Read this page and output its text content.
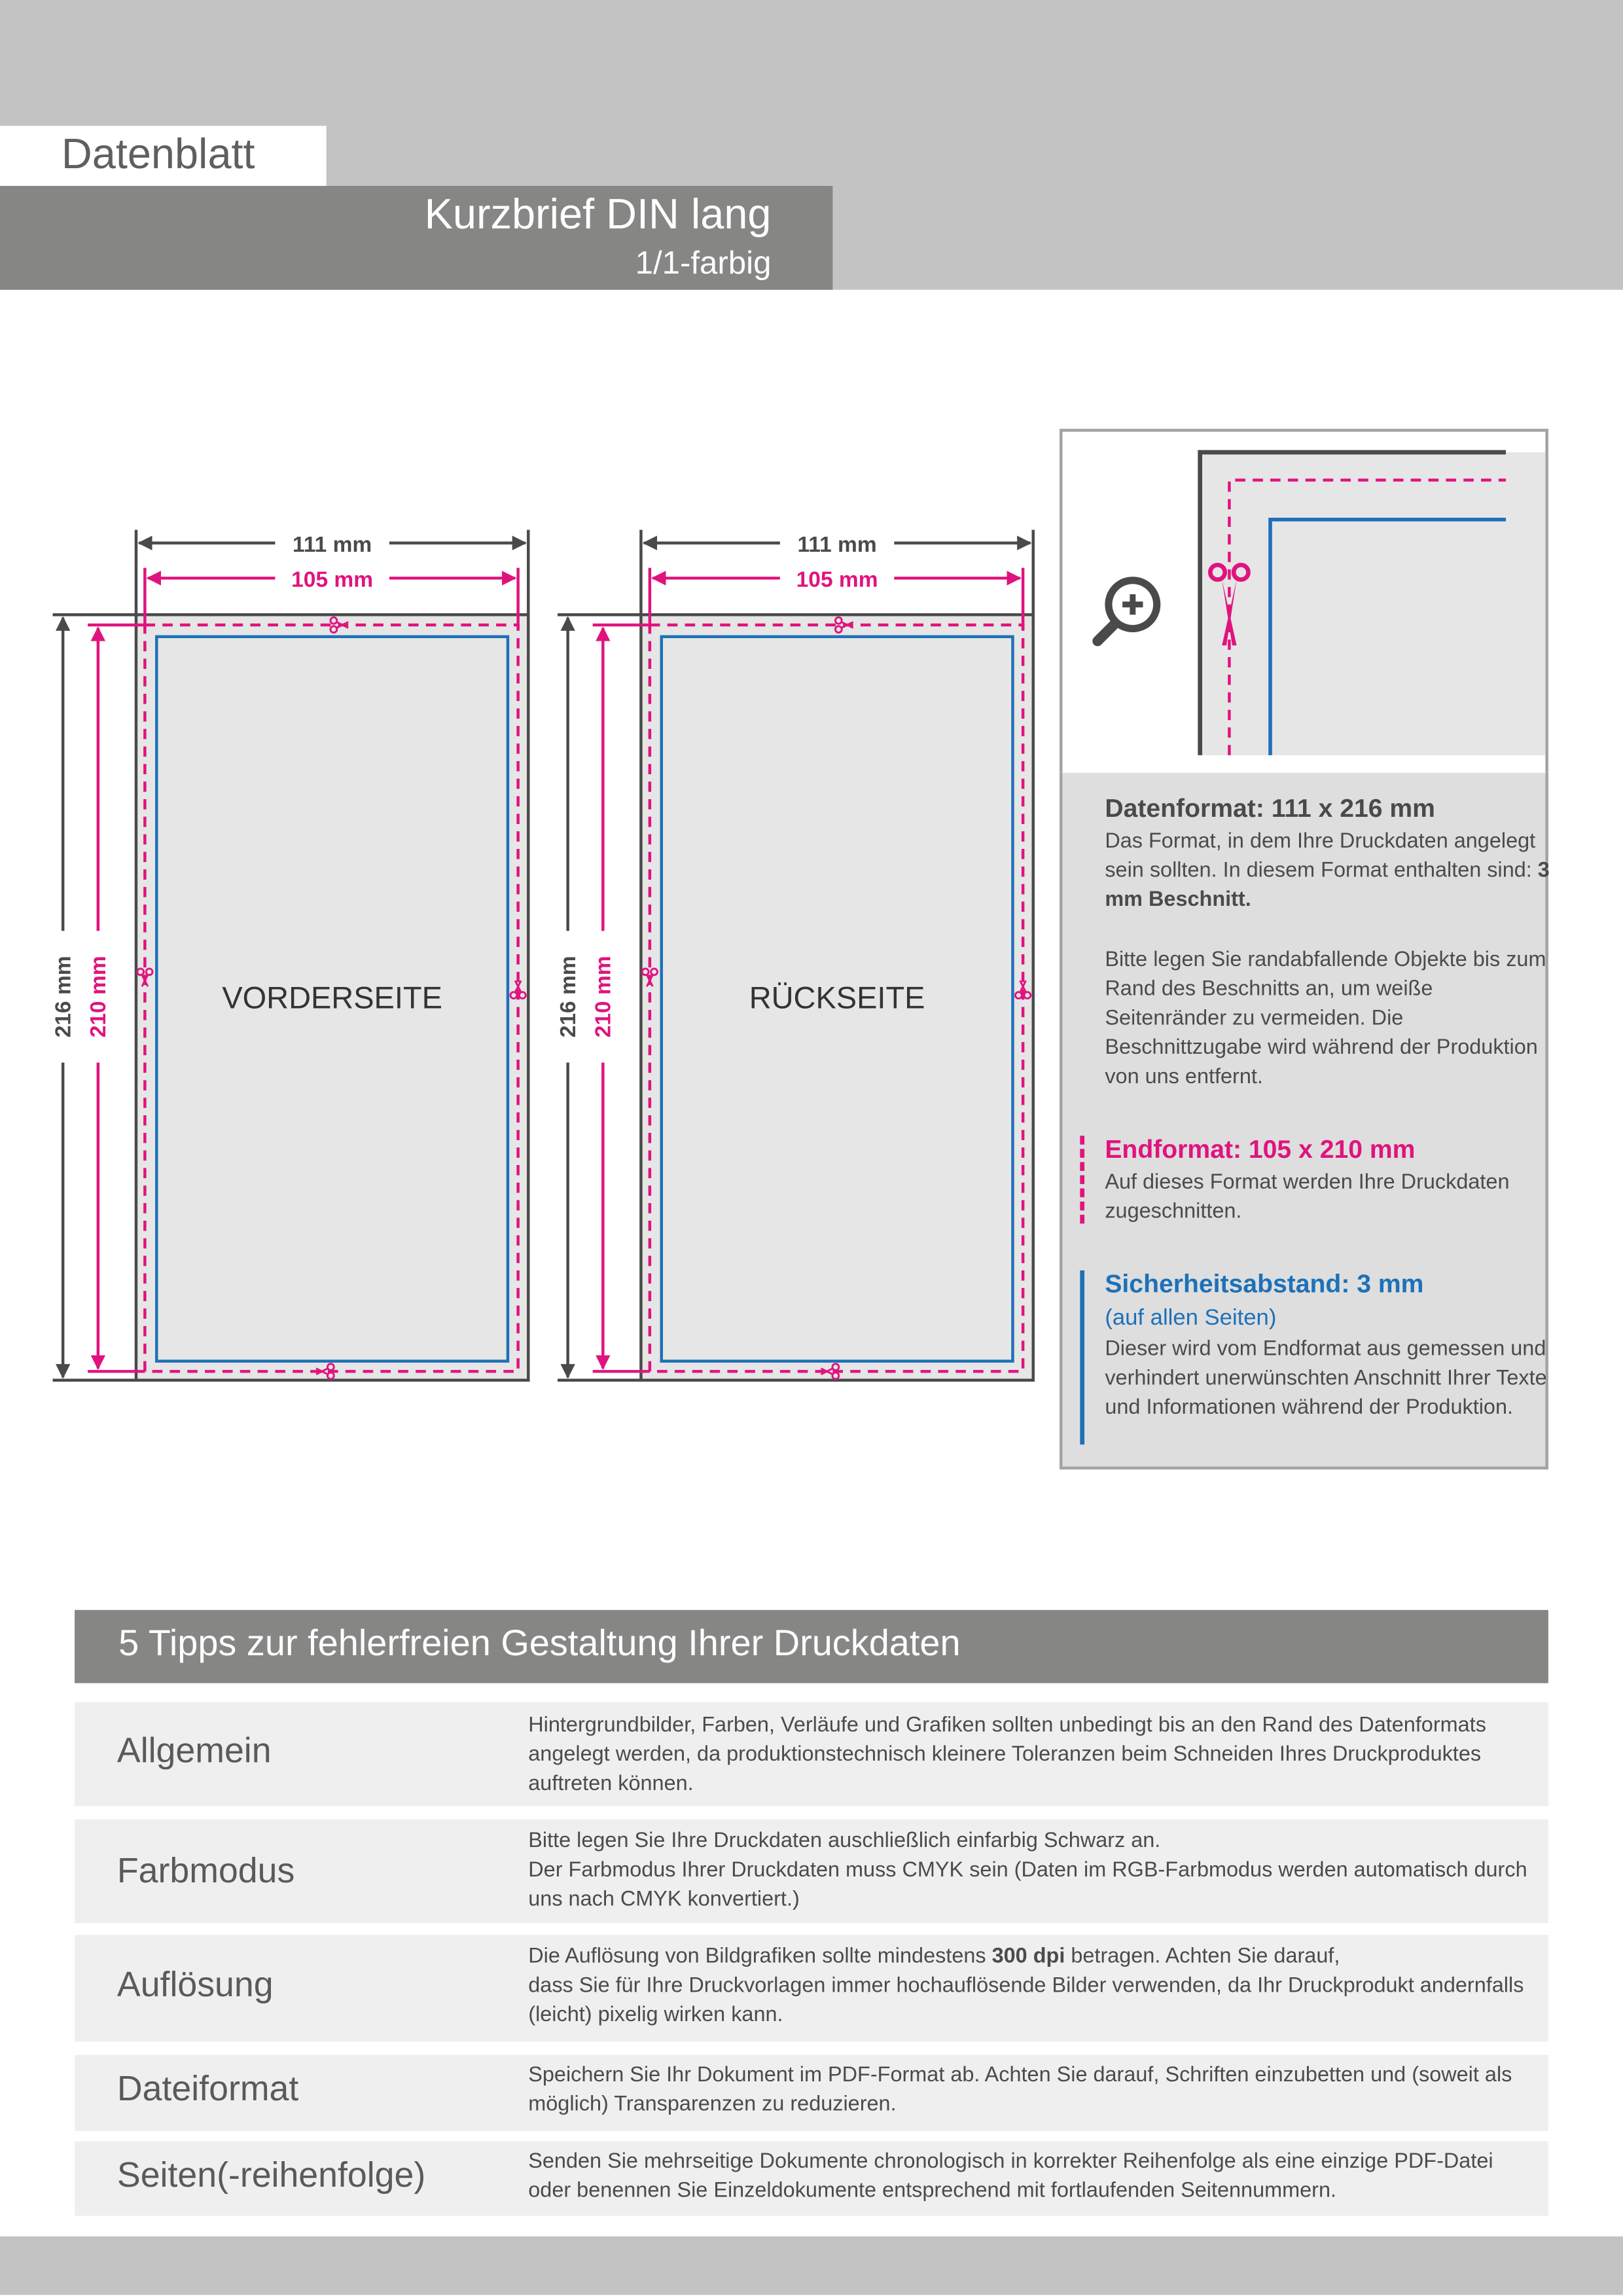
Datenblatt
Kurzbrief DIN lang
1/1-farbig
VORDERSEITE
111 mm
105 mm
216 mm 210 mm	RÜCKSEITE
111 mm
105 mm
216 mm 210 mm
Datenformat: 111 x 216 mm
Das Format, in dem Ihre Druckdaten angelegt sein sollten. In diesem Format enthalten sind: 3 mm Beschnitt.
Bitte legen Sie randabfallende Objekte bis zum Rand des Beschnitts an, um weiße Seitenränder zu vermeiden. Die Beschnittzugabe wird während der Produktion von uns entfernt.
Endformat: 105 x 210 mm
Auf dieses Format werden Ihre Druckdaten zugeschnitten.
Sicherheitsabstand: 3 mm
(auf allen Seiten)
Dieser wird vom Endformat aus gemessen und verhindert unerwünschten Anschnitt Ihrer Texte und Informationen während der Produktion.
5 Tipps zur fehlerfreien Gestaltung Ihrer Druckdaten
Allgemein
Hintergrundbilder, Farben, Verläufe und Grafiken sollten unbedingt bis an den Rand des Datenformats angelegt werden, da produktionstechnisch kleinere Toleranzen beim Schneiden Ihres Druckproduktes auftreten können.
Farbmodus
Bitte legen Sie Ihre Druckdaten auschließlich einfarbig Schwarz an.
Der Farbmodus Ihrer Druckdaten muss CMYK sein (Daten im RGB-Farbmodus werden automatisch durch uns nach CMYK konvertiert.)
Auflösung
Die Auflösung von Bildgrafiken sollte mindestens 300 dpi betragen. Achten Sie darauf,
dass Sie für Ihre Druckvorlagen immer hochauflösende Bilder verwenden, da Ihr Druckprodukt andernfalls (leicht) pixelig wirken kann.
Dateiformat	Speichern Sie Ihr Dokument im PDF-Format ab. Achten Sie darauf, Schriften einzubetten und (soweit als möglich) Transparenzen zu reduzieren.
Seiten(-reihenfolge)	Senden Sie mehrseitige Dokumente chronologisch in korrekter Reihenfolge als eine einzige PDF-Datei oder benennen Sie Einzeldokumente entsprechend mit fortlaufenden Seitennummern.
